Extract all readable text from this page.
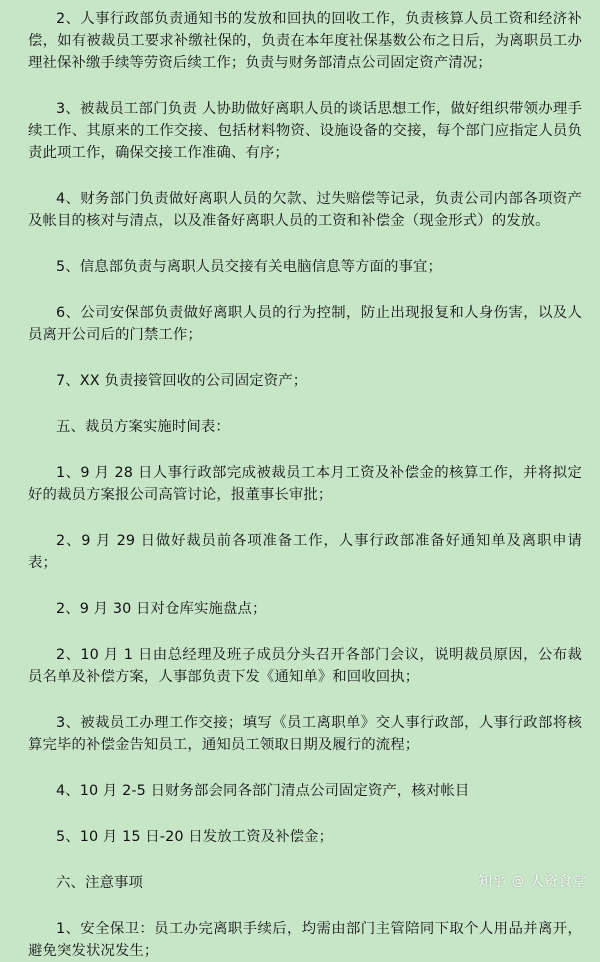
2、人事行政部负责通知书的发放和回执的回收工作，负责核算人员工资和经济补偿，如有被裁员工要求补缴社保的，负责在本年度社保基数公布之日后，为离职员工办理社保补缴手续等劳资后续工作；负责与财务部清点公司固定资产清况；

3、被裁员工部门负责 人协助做好离职人员的谈话思想工作，做好组织带领办理手续工作、其原来的工作交接、包括材料物资、设施设备的交接，每个部门应指定人员负责此项工作，确保交接工作准确、有序；

4、财务部门负责做好离职人员的欠款、过失赔偿等记录，负责公司内部各项资产及帐目的核对与清点，以及准备好离职人员的工资和补偿金（现金形式）的发放。

5、信息部负责与离职人员交接有关电脑信息等方面的事宜；

6、公司安保部负责做好离职人员的行为控制，防止出现报复和人身伤害，以及人员离开公司后的门禁工作；

7、XX 负责接管回收的公司固定资产；

五、裁员方案实施时间表：

1、9 月 28 日人事行政部完成被裁员工本月工资及补偿金的核算工作，并将拟定好的裁员方案报公司高管讨论，报董事长审批；

2、9 月 29 日做好裁员前各项准备工作，人事行政部准备好通知单及离职申请表；

2、9 月 30 日对仓库实施盘点；

2、10 月 1 日由总经理及班子成员分头召开各部门会议，说明裁员原因，公布裁员名单及补偿方案，人事部负责下发《通知单》和回收回执；

3、被裁员工办理工作交接；填写《员工离职单》交人事行政部，人事行政部将核算完毕的补偿金告知员工，通知员工领取日期及履行的流程；

4、10 月 2-5 日财务部会同各部门清点公司固定资产，核对帐目

5、10 月 15 日-20 日发放工资及补偿金；

六、注意事项

1、安全保卫：员工办完离职手续后，均需由部门主管陪同下取个人用品并离开，避免突发状况发生；

知乎 @ 人资食堂
